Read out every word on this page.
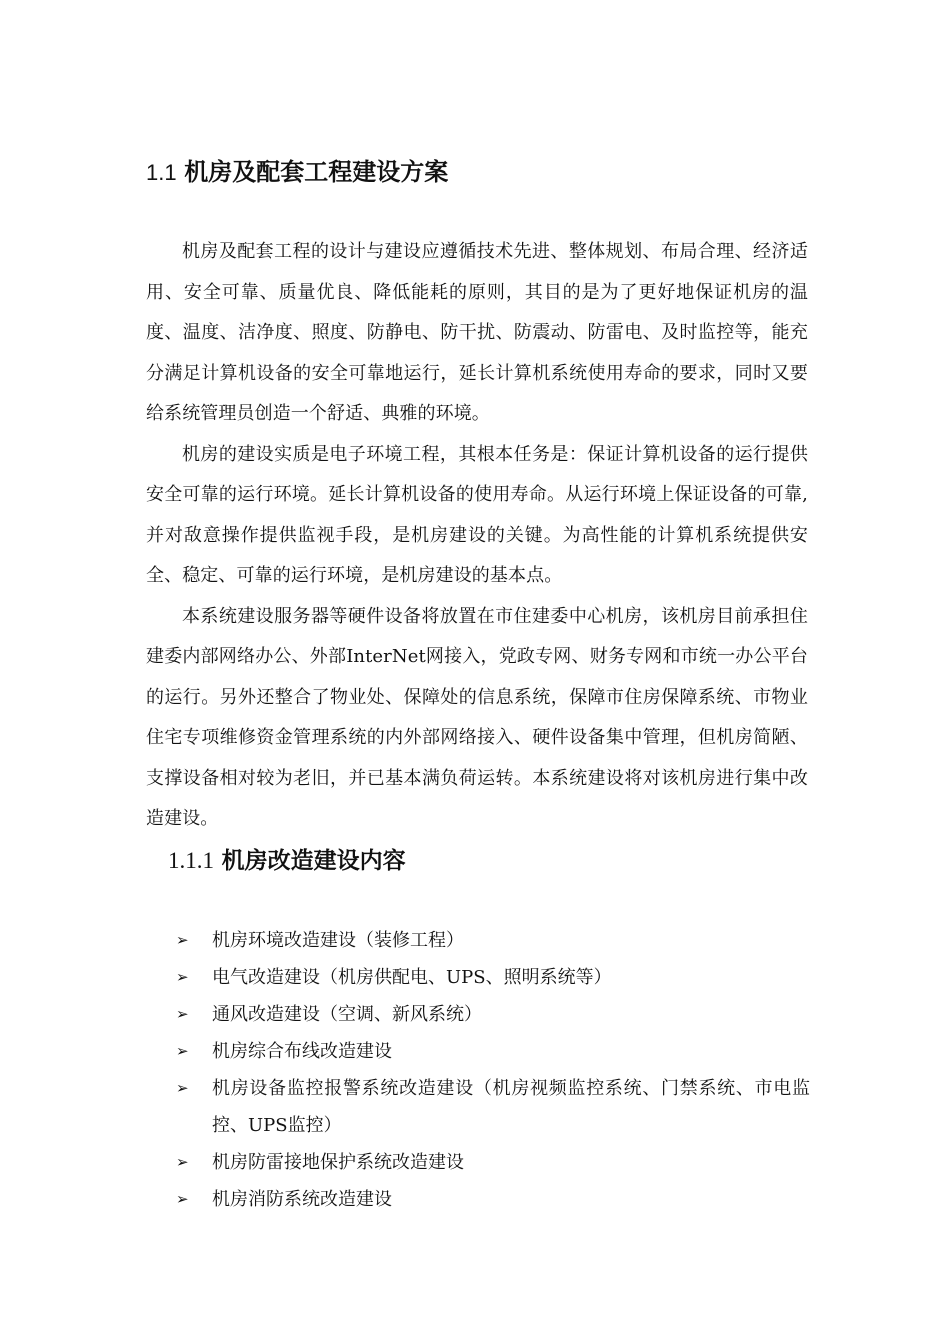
1.1 机房及配套工程建设方案

机房及配套工程的设计与建设应遵循技术先进、整体规划、布局合理、经济适用、安全可靠、质量优良、降低能耗的原则，其目的是为了更好地保证机房的温度、温度、洁净度、照度、防静电、防干扰、防震动、防雷电、及时监控等，能充分满足计算机设备的安全可靠地运行，延长计算机系统使用寿命的要求，同时又要给系统管理员创造一个舒适、典雅的环境。

机房的建设实质是电子环境工程，其根本任务是：保证计算机设备的运行提供安全可靠的运行环境。延长计算机设备的使用寿命。从运行环境上保证设备的可靠,并对敌意操作提供监视手段，是机房建设的关键。为高性能的计算机系统提供安全、稳定、可靠的运行环境，是机房建设的基本点。

本系统建设服务器等硬件设备将放置在市住建委中心机房，该机房目前承担住建委内部网络办公、外部InterNet网接入，党政专网、财务专网和市统一办公平台的运行。另外还整合了物业处、保障处的信息系统，保障市住房保障系统、市物业住宅专项维修资金管理系统的内外部网络接入、硬件设备集中管理，但机房简陋、支撑设备相对较为老旧，并已基本满负荷运转。本系统建设将对该机房进行集中改造建设。

1.1.1 机房改造建设内容
➢ 机房环境改造建设（装修工程）
➢ 电气改造建设（机房供配电、UPS、照明系统等）
➢ 通风改造建设（空调、新风系统）
➢ 机房综合布线改造建设
➢ 机房设备监控报警系统改造建设（机房视频监控系统、门禁系统、市电监控、UPS监控）
➢ 机房防雷接地保护系统改造建设
➢ 机房消防系统改造建设
